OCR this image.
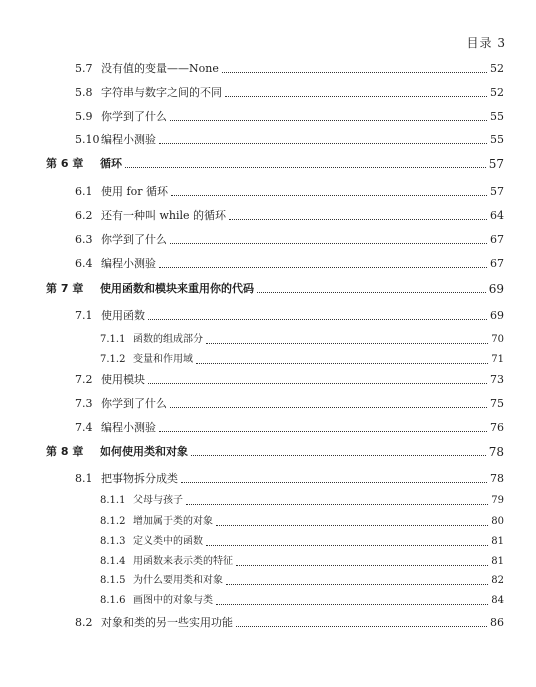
目录 3
5.7 没有值的变量——None	52
5.8 字符串与数字之间的不同	52
5.9 你学到了什么	55
5.10 编程小测验	55
第 6 章 循环	57
6.1 使用 for 循环	57
6.2 还有一种叫 while 的循环	64
6.3 你学到了什么	67
6.4 编程小测验	67
第 7 章 使用函数和模块来重用你的代码	69
7.1 使用函数	69
7.1.1 函数的组成部分	70
7.1.2 变量和作用域	71
7.2 使用模块	73
7.3 你学到了什么	75
7.4 编程小测验	76
第 8 章 如何使用类和对象	78
8.1 把事物拆分成类	78
8.1.1 父母与孩子	79
8.1.2 增加属于类的对象	80
8.1.3 定义类中的函数	81
8.1.4 用函数来表示类的特征	81
8.1.5 为什么要用类和对象	82
8.1.6 画图中的对象与类	84
8.2 对象和类的另一些实用功能	86
